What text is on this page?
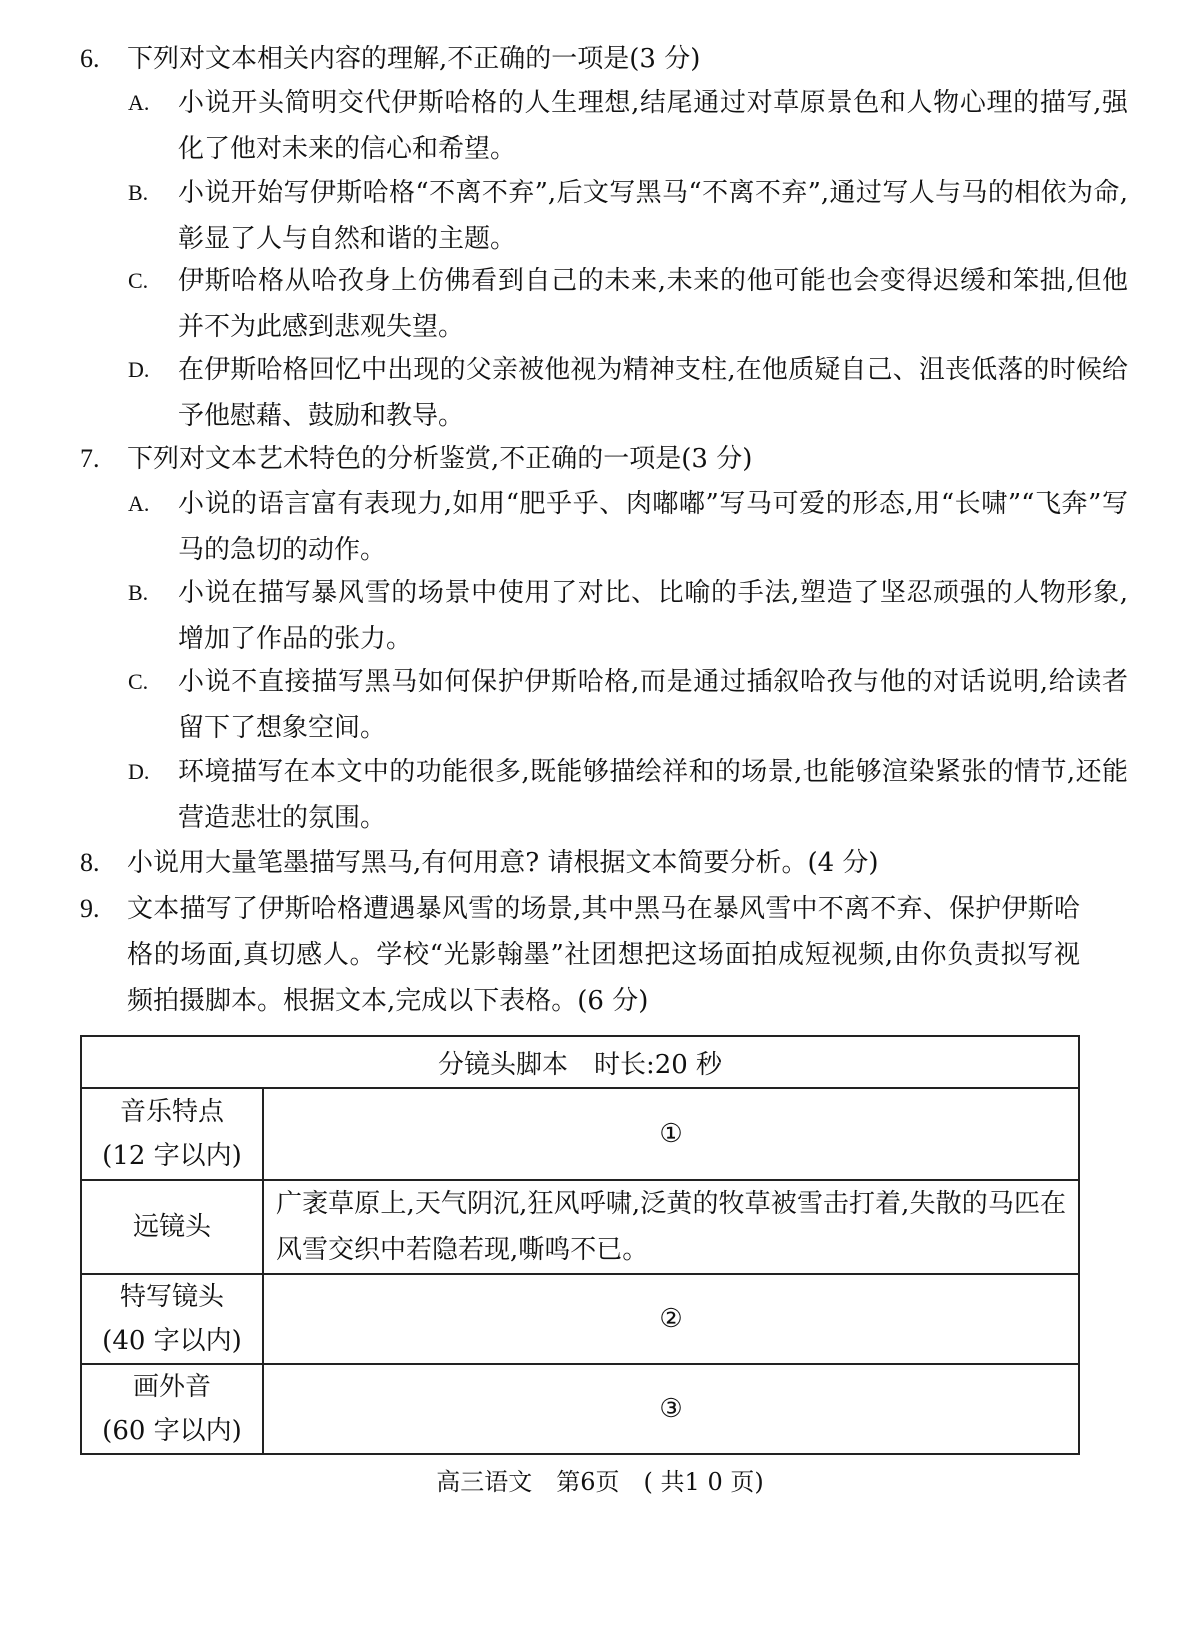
6.	下列对文本相关内容的理解,不正确的一项是(3 分)
A. 小说开头简明交代伊斯哈格的人生理想,结尾通过对草原景色和人物心理的描写,强化了他对未来的信心和希望。
B. 小说开始写伊斯哈格“不离不弃”,后文写黑马“不离不弃”,通过写人与马的相依为命,彰显了人与自然和谐的主题。
C. 伊斯哈格从哈孜身上仿佛看到自己的未来,未来的他可能也会变得迟缓和笨拙,但他并不为此感到悲观失望。
D. 在伊斯哈格回忆中出现的父亲被他视为精神支柱,在他质疑自己、沮丧低落的时候给予他慰藉、鼓励和教导。
7.	下列对文本艺术特色的分析鉴赏,不正确的一项是(3 分)
A. 小说的语言富有表现力,如用“肥乎乎、肉嘟嘟”写马可爱的形态,用“长啸”“飞奔”写马的急切的动作。
B. 小说在描写暴风雪的场景中使用了对比、比喻的手法,塑造了坚忍顽强的人物形象,增加了作品的张力。
C. 小说不直接描写黑马如何保护伊斯哈格,而是通过插叙哈孜与他的对话说明,给读者留下了想象空间。
D. 环境描写在本文中的功能很多,既能够描绘祥和的场景,也能够渲染紧张的情节,还能营造悲壮的氛围。
8.	小说用大量笔墨描写黑马,有何用意? 请根据文本简要分析。(4 分)
9.	文本描写了伊斯哈格遭遇暴风雪的场景,其中黑马在暴风雪中不离不弃、保护伊斯哈格的场面,真切感人。学校“光影翰墨”社团想把这场面拍成短视频,由你负责拟写视频拍摄脚本。根据文本,完成以下表格。(6 分)
分镜头脚本　时长:20 秒	

音乐特点
(12 字以内)	①

远镜头	广袤草原上,天气阴沉,狂风呼啸,泛黄的牧草被雪击打着,失散的马匹在风雪交织中若隐若现,嘶鸣不已。

特写镜头
(40 字以内)	②

画外音
(60 字以内)	③
高三语文　第6页　( 共1 0 页)
